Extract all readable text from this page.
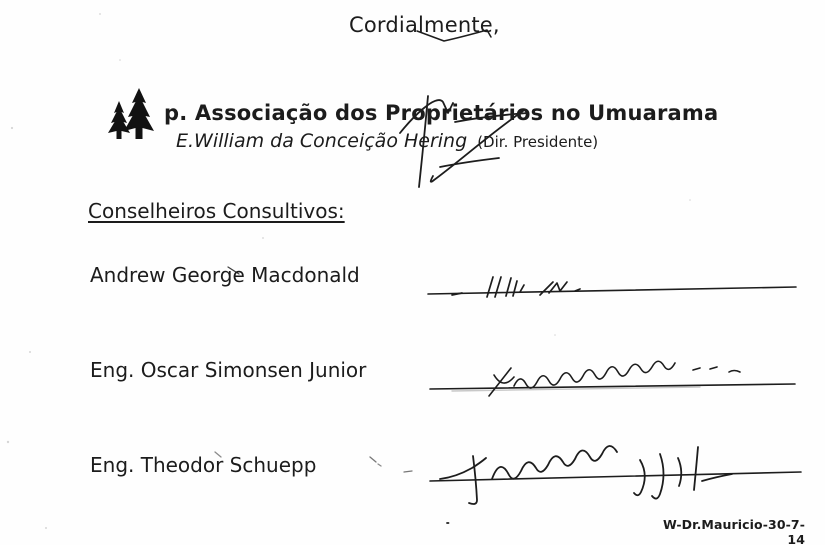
Cordialmente,
p. Associação dos Proprietários no Umuarama
E.William da Conceição Hering (Dir. Presidente)
Conselheiros Consultivos:
Andrew George Macdonald
Eng. Oscar Simonsen Junior
Eng. Theodor Schuepp
W-Dr.Mauricio-30-7-14
